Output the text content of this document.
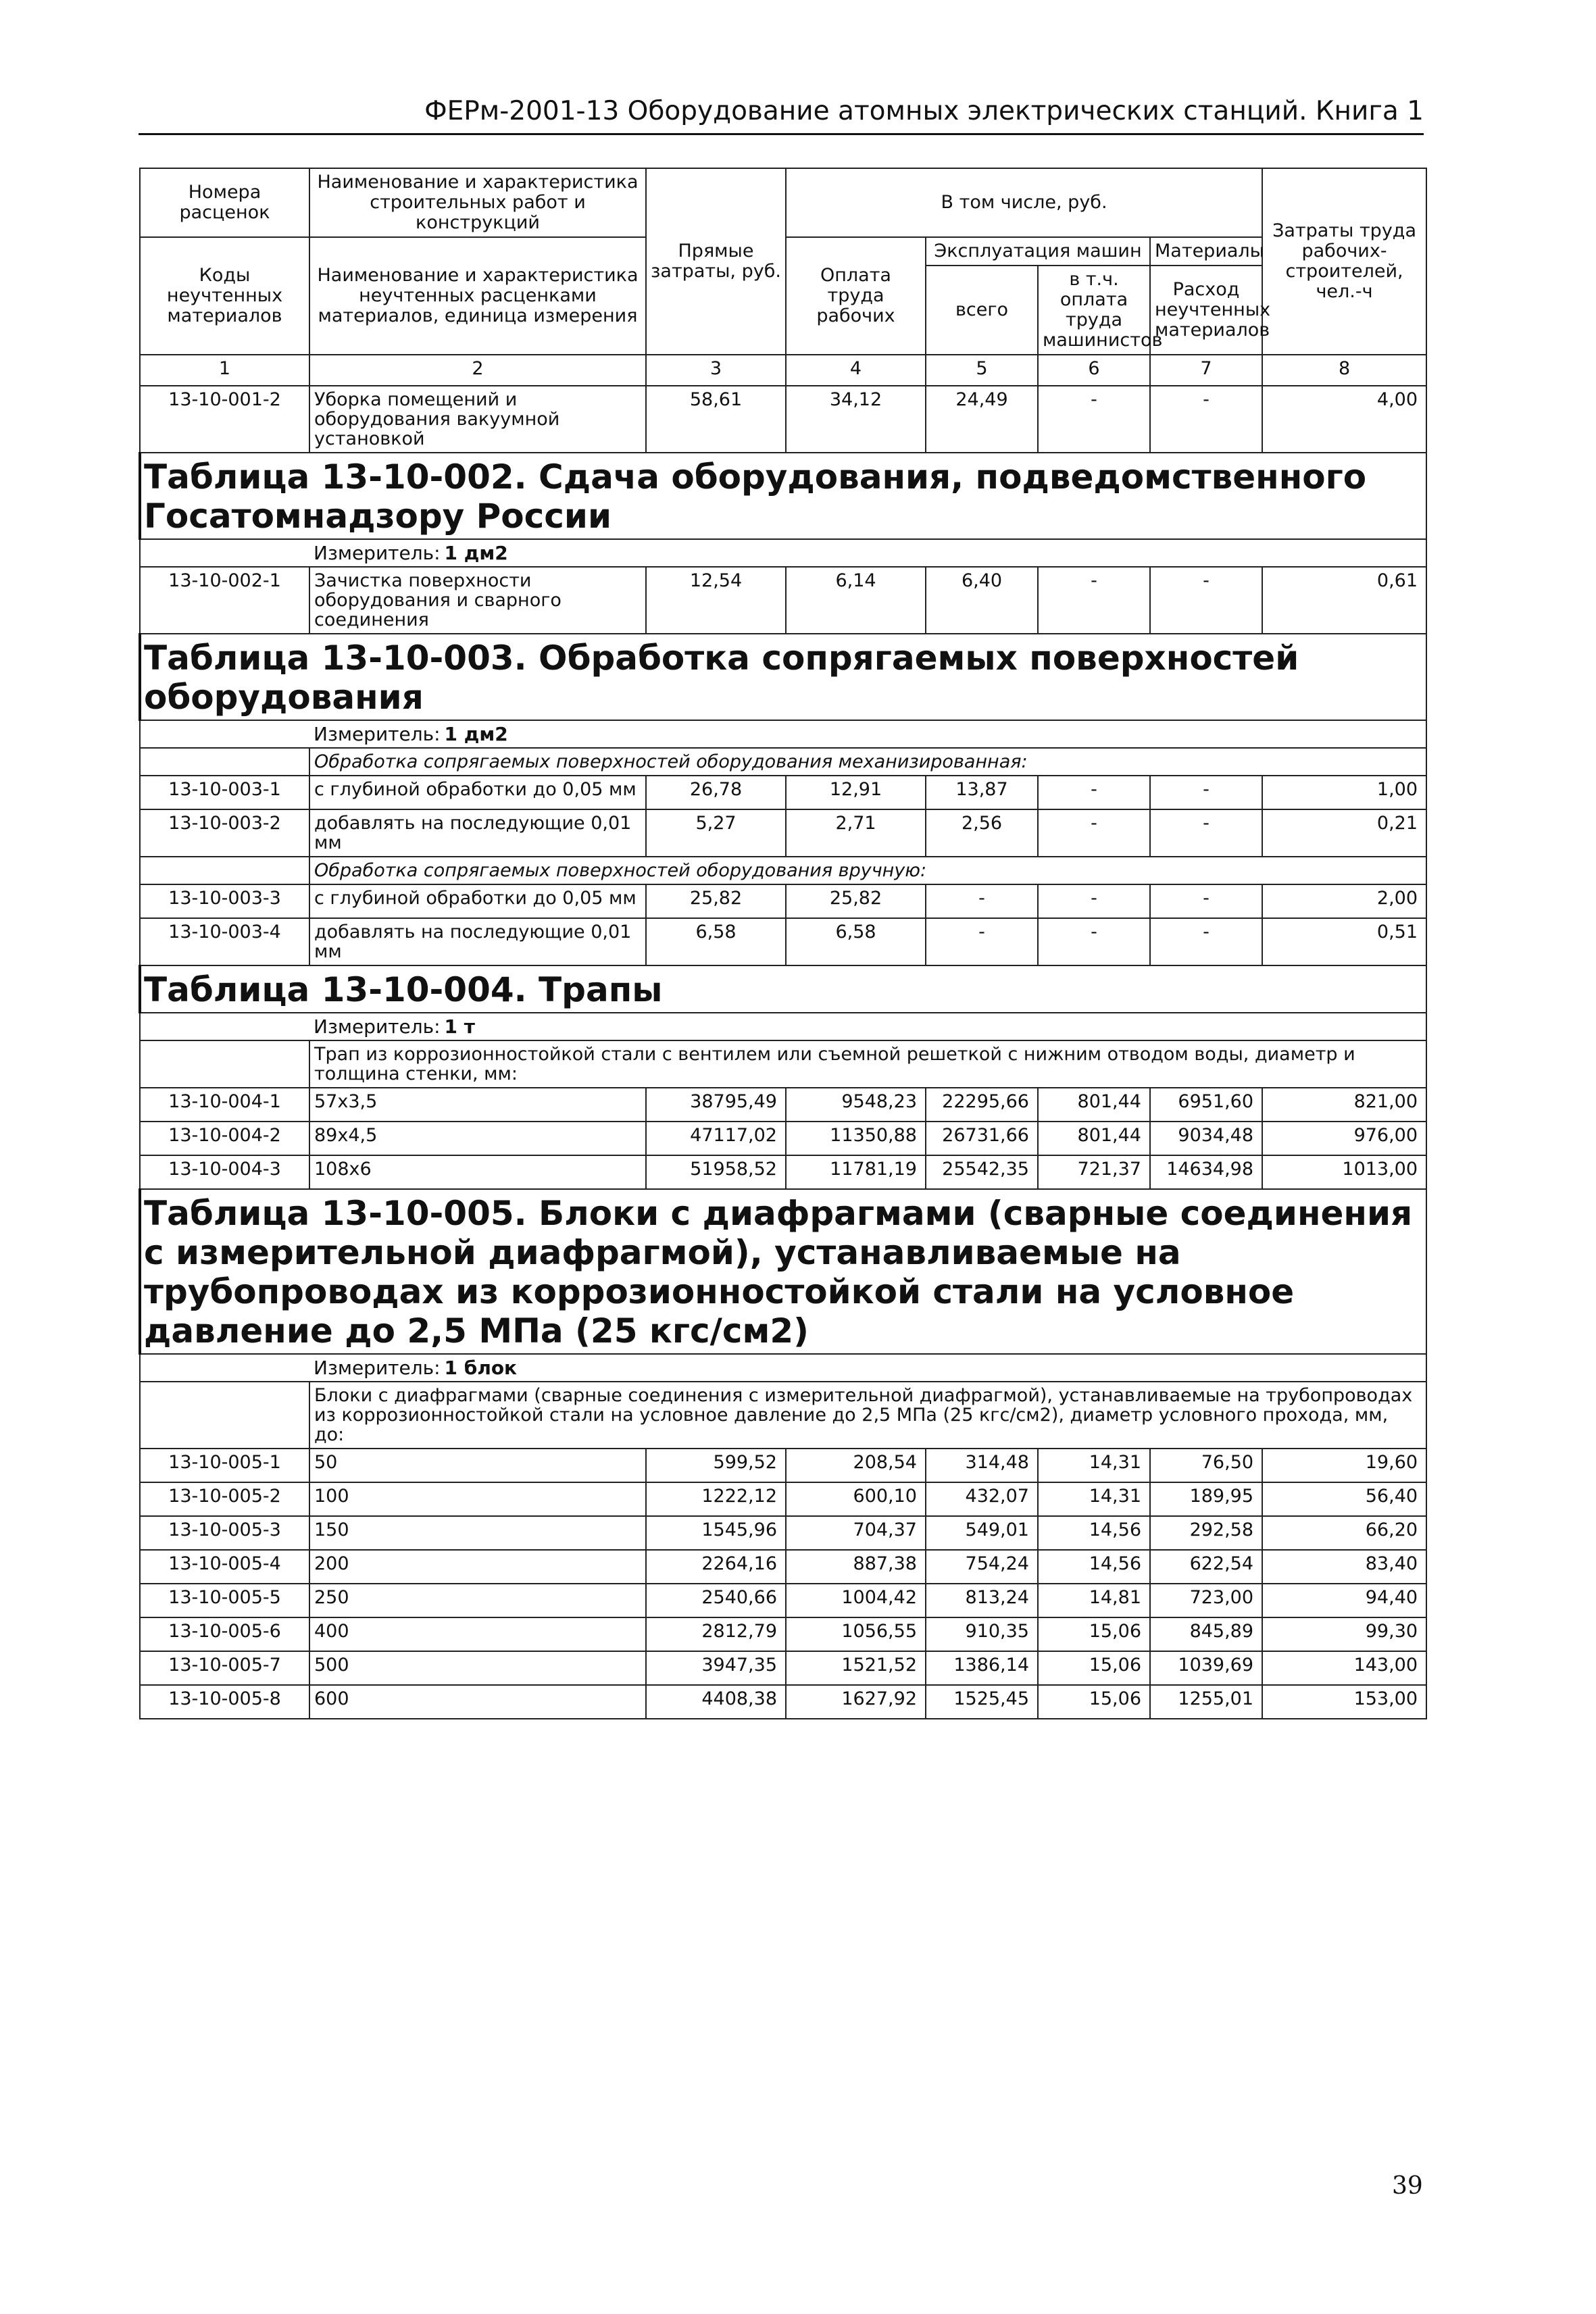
ФЕРм-2001-13 Оборудование атомных электрических станций. Книга 1
Номера расценок	Наименование и характеристика строительных работ и конструкций	Прямые затраты, руб.	В том числе, руб.				Затраты труда рабочих-строителей, чел.-ч
Коды неучтенных материалов	Наименование и характеристика неучтенных расценками материалов, единица измерения		Оплата труда рабочих	Эксплуатация машин		Материалы	
				всего	в т.ч. оплата труда машинистов	Расход неучтенных материалов	

1	2	3	4	5	6	7	8
13-10-001-2	Уборка помещений и оборудования вакуумной установкой	58,61	34,12	24,49	-	-	4,00
Таблица 13-10-002. Сдача оборудования, подведомственного Госатомнадзору России							
	Измеритель: 1 дм2						
13-10-002-1	Зачистка поверхности оборудования и сварного соединения	12,54	6,14	6,40	-	-	0,61
Таблица 13-10-003. Обработка сопрягаемых поверхностей оборудования							
	Измеритель: 1 дм2						
	Обработка сопрягаемых поверхностей оборудования механизированная:						
13-10-003-1	с глубиной обработки до 0,05 мм	26,78	12,91	13,87	-	-	1,00
13-10-003-2	добавлять на последующие 0,01 мм	5,27	2,71	2,56	-	-	0,21
	Обработка сопрягаемых поверхностей оборудования вручную:						
13-10-003-3	с глубиной обработки до 0,05 мм	25,82	25,82	-	-	-	2,00
13-10-003-4	добавлять на последующие 0,01 мм	6,58	6,58	-	-	-	0,51
Таблица 13-10-004. Трапы							
	Измеритель: 1 т						
	Трап из коррозионностойкой стали с вентилем или съемной решеткой с нижним отводом воды, диаметр и толщина стенки, мм:						
13-10-004-1	57x3,5	38795,49	9548,23	22295,66	801,44	6951,60	821,00
13-10-004-2	89x4,5	47117,02	11350,88	26731,66	801,44	9034,48	976,00
13-10-004-3	108x6	51958,52	11781,19	25542,35	721,37	14634,98	1013,00
Таблица 13-10-005. Блоки с диафрагмами (сварные соединения с измерительной диафрагмой), устанавливаемые на трубопроводах из коррозионностойкой стали на условное давление до 2,5 МПа (25 кгс/см2)							
	Измеритель: 1 блок						
	Блоки с диафрагмами (сварные соединения с измерительной диафрагмой), устанавливаемые на трубопроводах из коррозионностойкой стали на условное давление до 2,5 МПа (25 кгс/см2), диаметр условного прохода, мм, до:						
13-10-005-1	50	599,52	208,54	314,48	14,31	76,50	19,60
13-10-005-2	100	1222,12	600,10	432,07	14,31	189,95	56,40
13-10-005-3	150	1545,96	704,37	549,01	14,56	292,58	66,20
13-10-005-4	200	2264,16	887,38	754,24	14,56	622,54	83,40
13-10-005-5	250	2540,66	1004,42	813,24	14,81	723,00	94,40
13-10-005-6	400	2812,79	1056,55	910,35	15,06	845,89	99,30
13-10-005-7	500	3947,35	1521,52	1386,14	15,06	1039,69	143,00
13-10-005-8	600	4408,38	1627,92	1525,45	15,06	1255,01	153,00
39
